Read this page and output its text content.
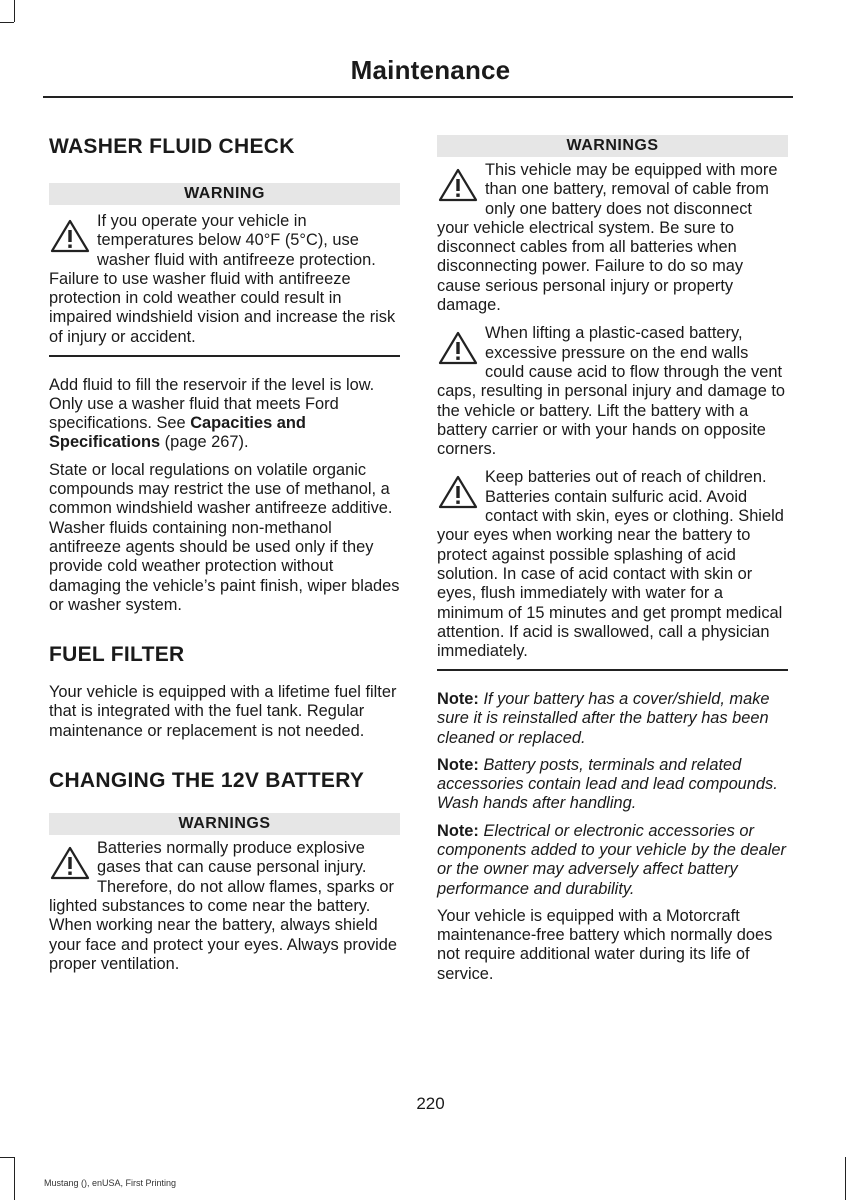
Maintenance
WASHER FLUID CHECK
WARNING

If you operate your vehicle in temperatures below 40°F (5°C), use washer fluid with antifreeze protection. Failure to use washer fluid with antifreeze protection in cold weather could result in impaired windshield vision and increase the risk of injury or accident.

Add fluid to fill the reservoir if the level is low. Only use a washer fluid that meets Ford specifications. See Capacities and Specifications (page 267).

State or local regulations on volatile organic compounds may restrict the use of methanol, a common windshield washer antifreeze additive. Washer fluids containing non-methanol antifreeze agents should be used only if they provide cold weather protection without damaging the vehicle’s paint finish, wiper blades or washer system.

FUEL FILTER

Your vehicle is equipped with a lifetime fuel filter that is integrated with the fuel tank. Regular maintenance or replacement is not needed.

CHANGING THE 12V BATTERY
WARNINGS

Batteries normally produce explosive gases that can cause personal injury. Therefore, do not allow flames, sparks or lighted substances to come near the battery. When working near the battery, always shield your face and protect your eyes. Always provide proper ventilation.

WARNINGS

This vehicle may be equipped with more than one battery, removal of cable from only one battery does not disconnect your vehicle electrical system. Be sure to disconnect cables from all batteries when disconnecting power. Failure to do so may cause serious personal injury or property damage.

When lifting a plastic-cased battery, excessive pressure on the end walls could cause acid to flow through the vent caps, resulting in personal injury and damage to the vehicle or battery. Lift the battery with a battery carrier or with your hands on opposite corners.

Keep batteries out of reach of children. Batteries contain sulfuric acid. Avoid contact with skin, eyes or clothing. Shield your eyes when working near the battery to protect against possible splashing of acid solution. In case of acid contact with skin or eyes, flush immediately with water for a minimum of 15 minutes and get prompt medical attention. If acid is swallowed, call a physician immediately.

Note: If your battery has a cover/shield, make sure it is reinstalled after the battery has been cleaned or replaced.

Note: Battery posts, terminals and related accessories contain lead and lead compounds. Wash hands after handling.

Note: Electrical or electronic accessories or components added to your vehicle by the dealer or the owner may adversely affect battery performance and durability.

Your vehicle is equipped with a Motorcraft maintenance-free battery which normally does not require additional water during its life of service.

220
Mustang (), enUSA, First Printing
